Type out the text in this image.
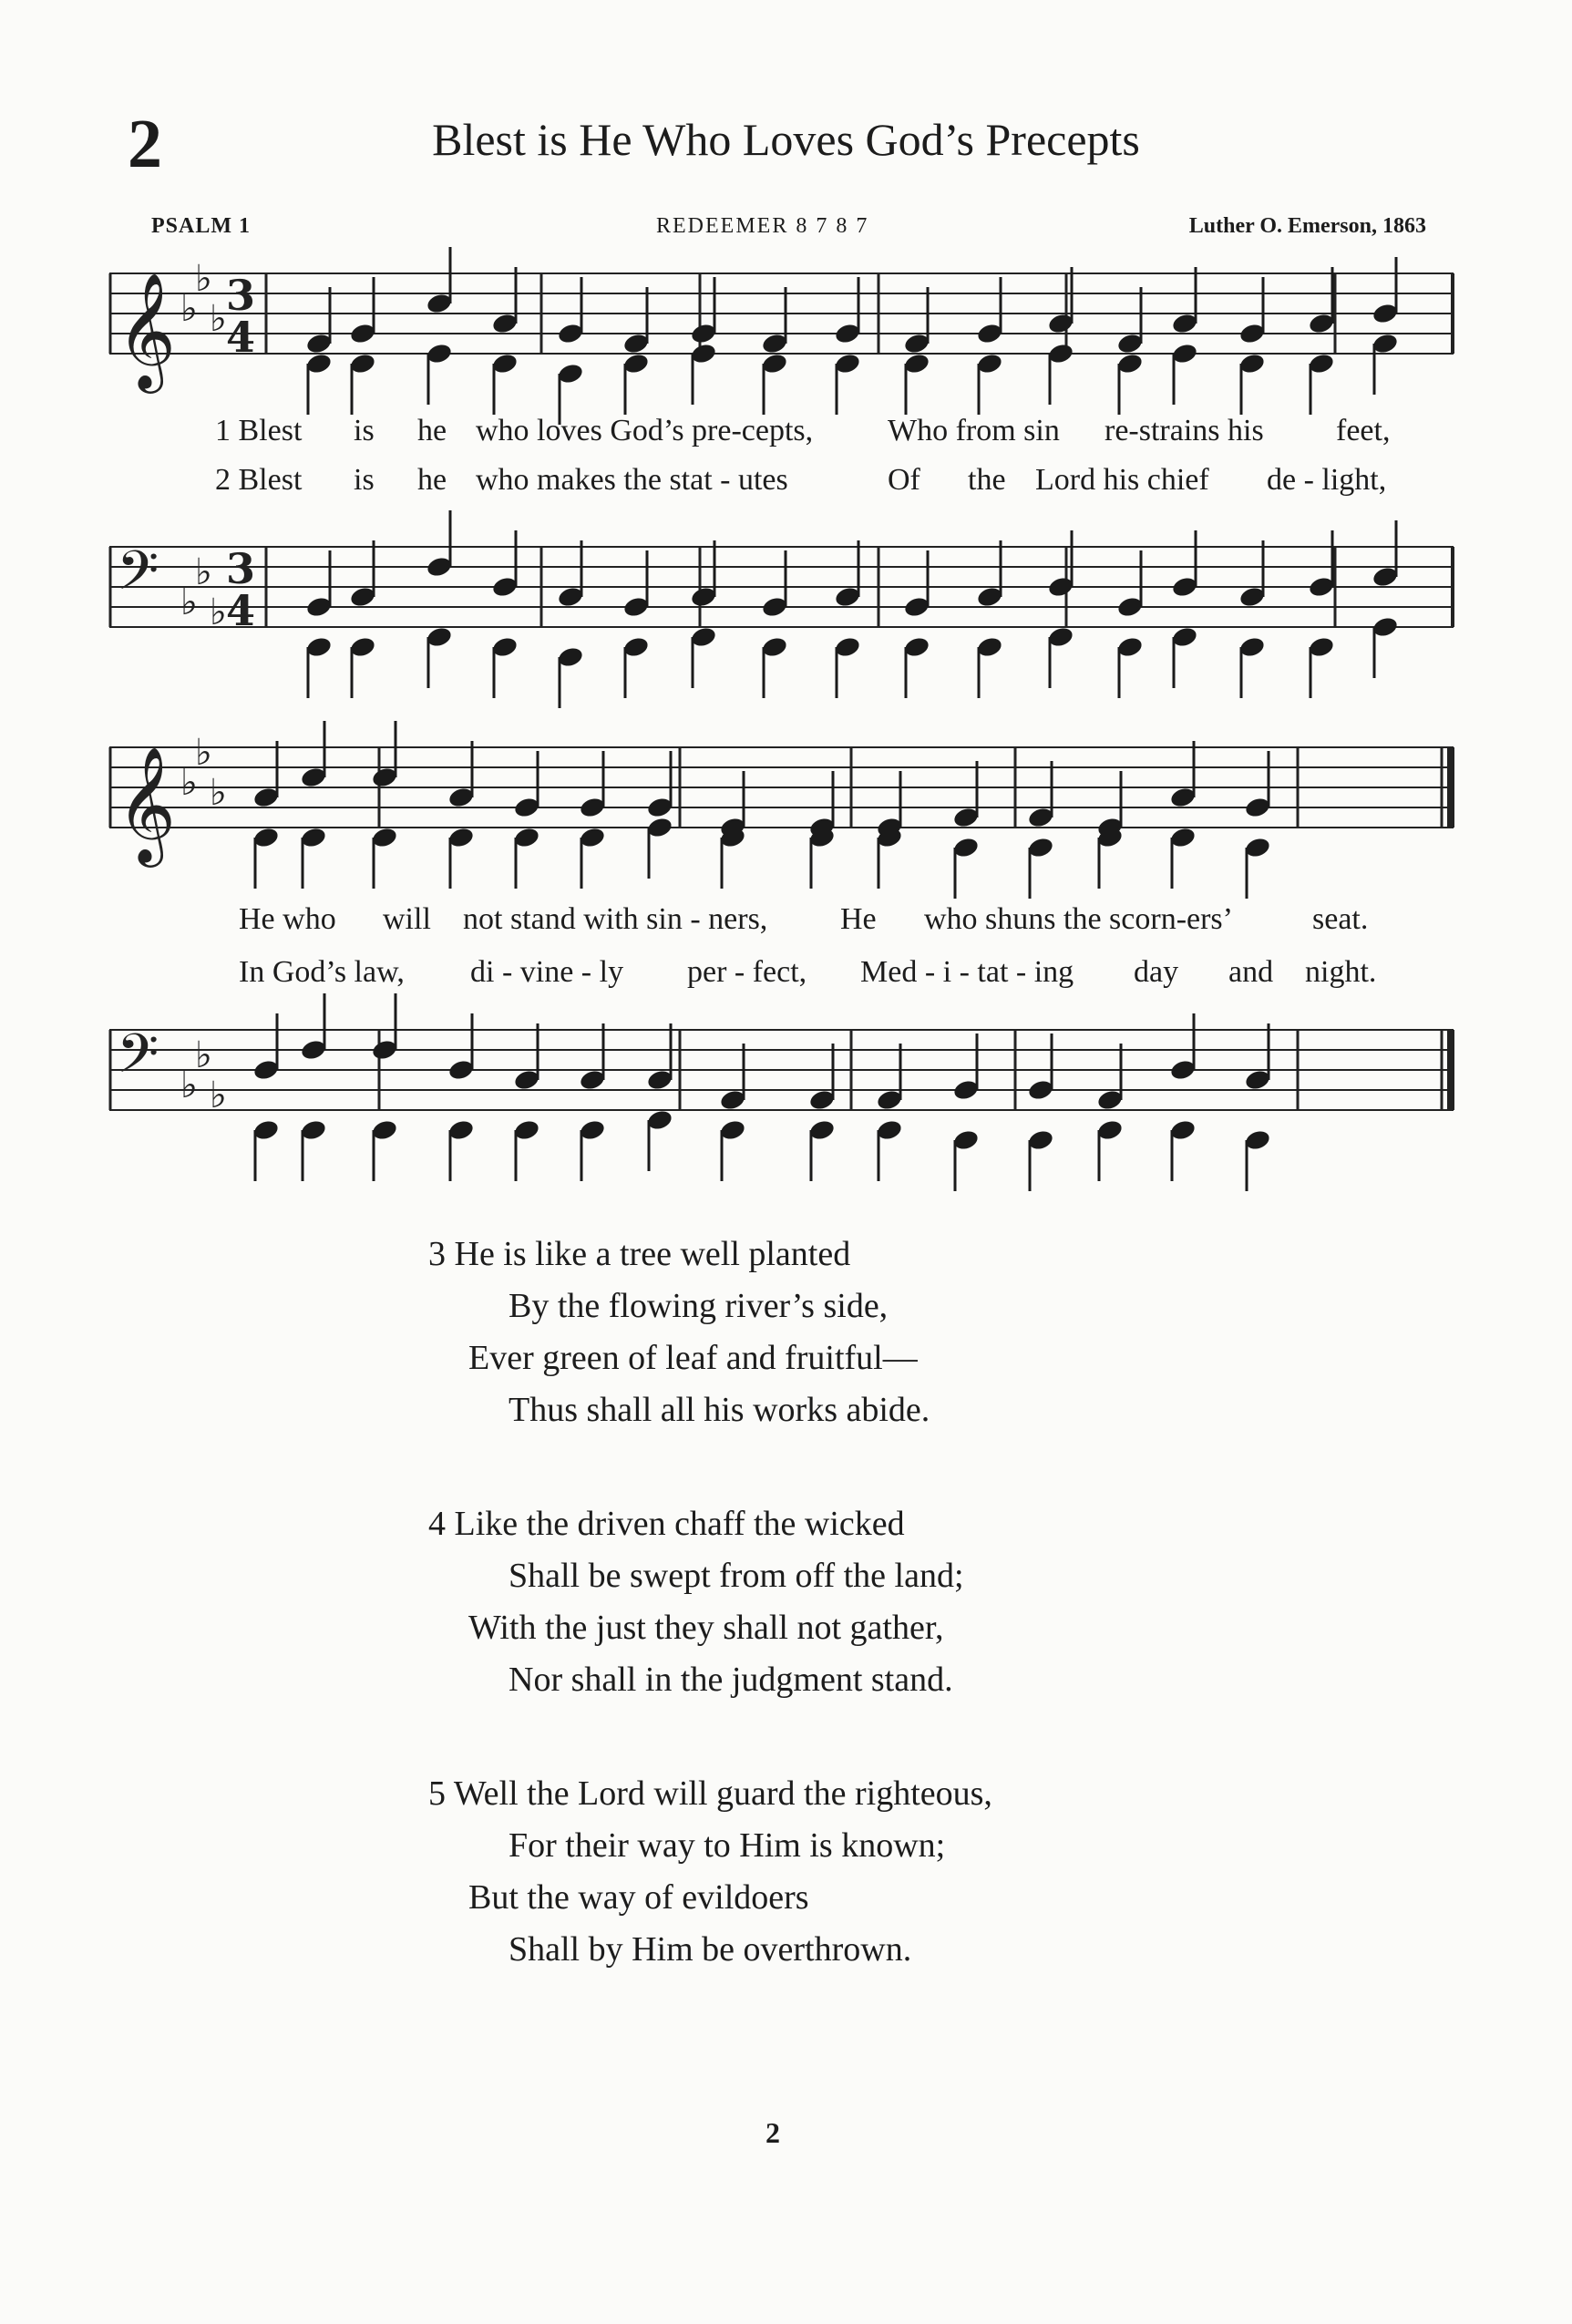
2	Blest is He Who Loves God’s Precepts
PSALM 1	REDEEMER 8 7 8 7	Luther O. Emerson, 1863
𝄞 ♭
♭
♭ 3
4
𝄢 ♭
♭
♭
3
4
1 Blest is he who loves God’s pre-cepts, Who from sin re-strains his feet,
2 Blest is he who makes the stat - utes	Of the Lord his chief de - light,
𝄞 ♭
♭
♭
𝄢 ♭
♭
♭
He who will not stand with sin - ners, He who shuns the scorn-ers’	seat.
In God’s law, di - vine - ly per - fect, Med - i - tat - ing day and night.
3 He is like a tree well planted
By the flowing river’s side,
Ever green of leaf and fruitful—
Thus shall all his works abide.
4 Like the driven chaff the wicked
Shall be swept from off the land;
With the just they shall not gather,
Nor shall in the judgment stand.
5 Well the Lord will guard the righteous,
For their way to Him is known;
But the way of evildoers
Shall by Him be overthrown.
2
